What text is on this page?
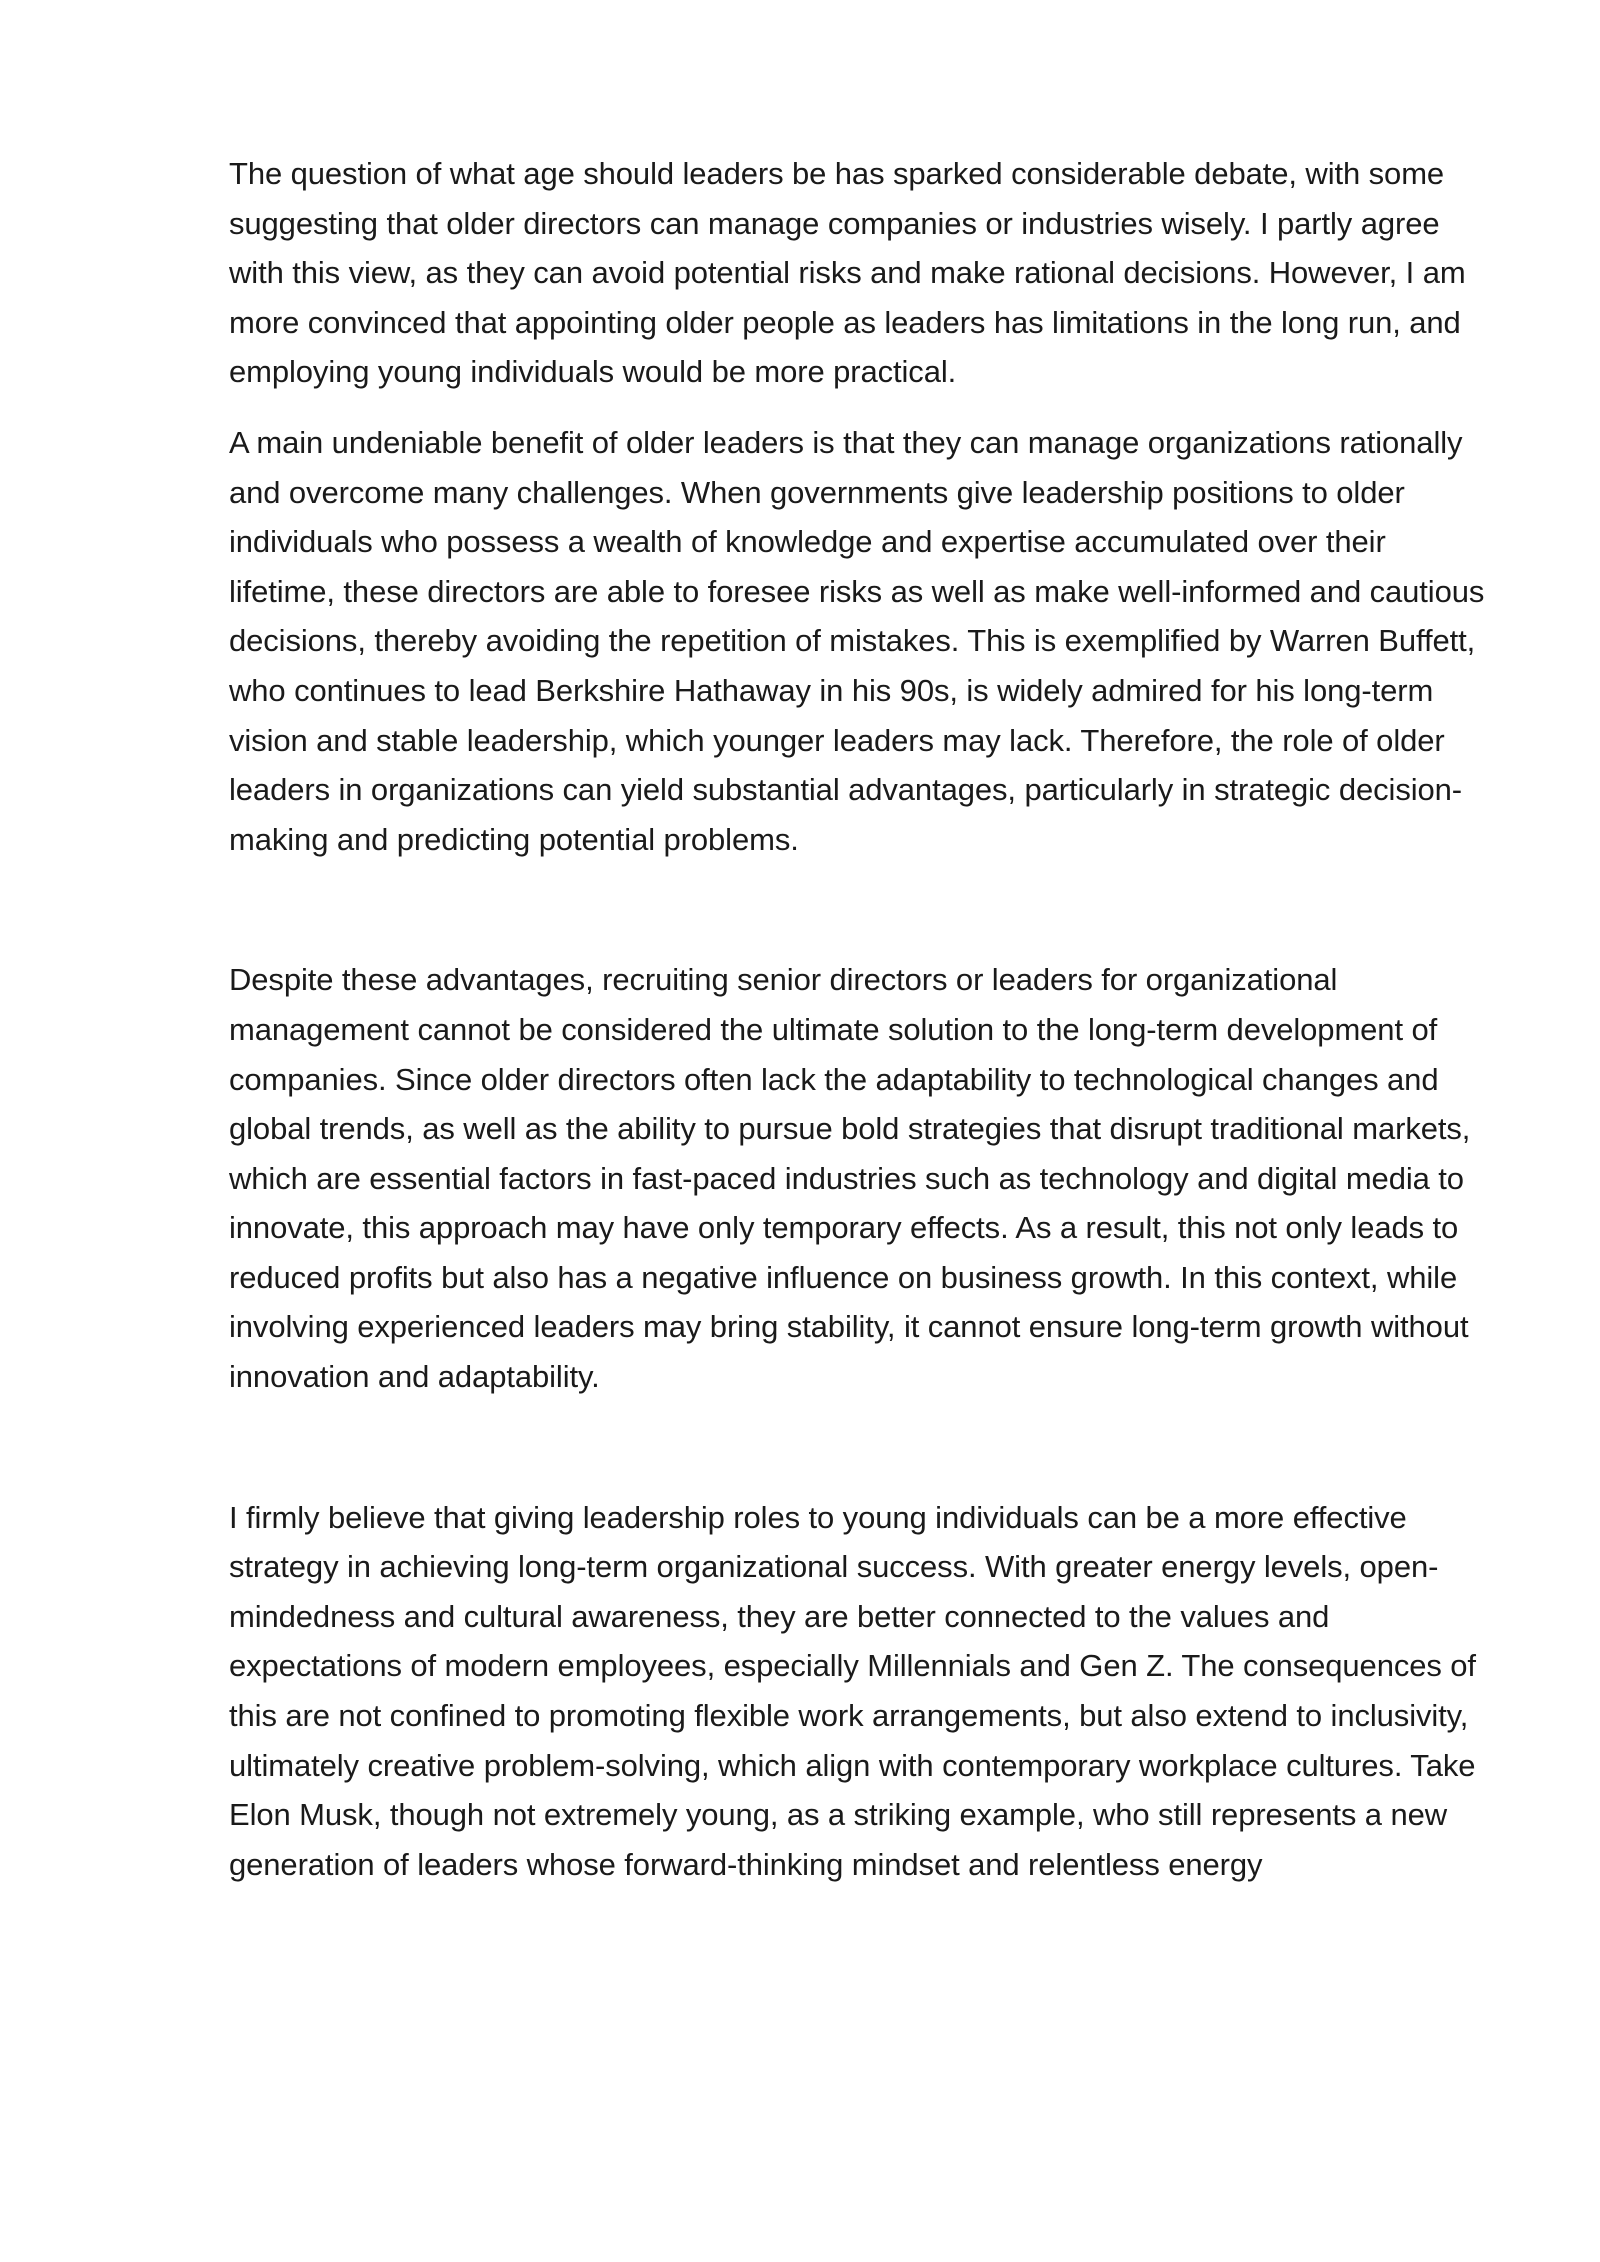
The question of what age should leaders be has sparked considerable debate, with some suggesting that older directors can manage companies or industries wisely. I partly agree with this view, as they can avoid potential risks and make rational decisions. However, I am more convinced that appointing older people as leaders has limitations in the long run, and employing young individuals would be more practical.

A main undeniable benefit of older leaders is that they can manage organizations rationally and overcome many challenges. When governments give leadership positions to older individuals who possess a wealth of knowledge and expertise accumulated over their lifetime, these directors are able to foresee risks as well as make well-informed and cautious decisions, thereby avoiding the repetition of mistakes. This is exemplified by Warren Buffett, who continues to lead Berkshire Hathaway in his 90s, is widely admired for his long-term vision and stable leadership, which younger leaders may lack. Therefore, the role of older leaders in organizations can yield substantial advantages, particularly in strategic decision-making and predicting potential problems.

Despite these advantages, recruiting senior directors or leaders for organizational management cannot be considered the ultimate solution to the long-term development of companies. Since older directors often lack the adaptability to technological changes and global trends, as well as the ability to pursue bold strategies that disrupt traditional markets, which are essential factors in fast-paced industries such as technology and digital media to innovate, this approach may have only temporary effects. As a result, this not only leads to reduced profits but also has a negative influence on business growth. In this context, while involving experienced leaders may bring stability, it cannot ensure long-term growth without innovation and adaptability.

I firmly believe that giving leadership roles to young individuals can be a more effective strategy in achieving long-term organizational success. With greater energy levels, open-mindedness and cultural awareness, they are better connected to the values and expectations of modern employees, especially Millennials and Gen Z. The consequences of this are not confined to promoting flexible work arrangements, but also extend to inclusivity, ultimately creative problem-solving, which align with contemporary workplace cultures. Take Elon Musk, though not extremely young, as a striking example, who still represents a new generation of leaders whose forward-thinking mindset and relentless energy
